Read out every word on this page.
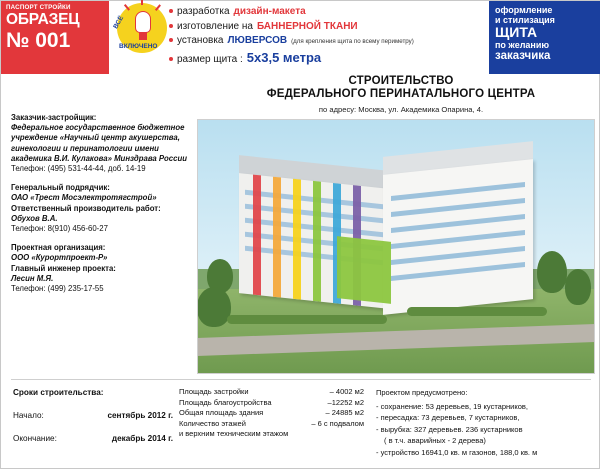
ПАСПОРТ СТРОЙКИ
ОБРАЗЕЦ
№ 001
разработка дизайн-макета
изготовление на БАННЕРНОЙ ТКАНИ
установка ЛЮВЕРСОВ (для крепления щита по всему периметру)
размер щита : 5х3,5 метра
ВСЁ
ВКЛЮЧЕНО
оформление
и стилизация
ЩИТА
по желанию
заказчика
СТРОИТЕЛЬСТВО
ФЕДЕРАЛЬНОГО ПЕРИНАТАЛЬНОГО ЦЕНТРА
по адресу: Москва, ул. Академика Опарина, 4.
Заказчик-застройщик:
Федеральное государственное бюджетное учреждение «Научный центр акушерства, гинекологии и перинатологии имени академика В.И. Кулакова» Минздрава России
Телефон: (495) 531-44-44, доб. 14-19
Генеральный подрядчик:
ОАО «Трест Мосэлектротягстрой»
Ответственный производитель работ:
Обухов В.А.
Телефон: 8(910) 456-60-27
Проектная организация:
ООО «Курортпроект-Р»
Главный инженер проекта:
Лесин М.Я.
Телефон: (499) 235-17-55
Сроки строительства:
Начало:	сентябрь 2012 г.
Окончание:	декабрь 2014 г.
Площадь застройки	– 4002 м2
Площадь благоустройства	–12252 м2
Общая площадь здания	– 24885 м2
Количество этажей	– 6 с подвалом
и верхним техническим этажом
Проектом предусмотрено:
- сохранение: 53 деревьев, 19 кустарников,
- пересадка: 73 деревьев, 7 кустарников,
- вырубка: 327 деревьев. 236 кустарников
( в т.ч. аварийных - 2 дерева)
- устройство 16941,0 кв. м газонов, 188,0 кв. м
